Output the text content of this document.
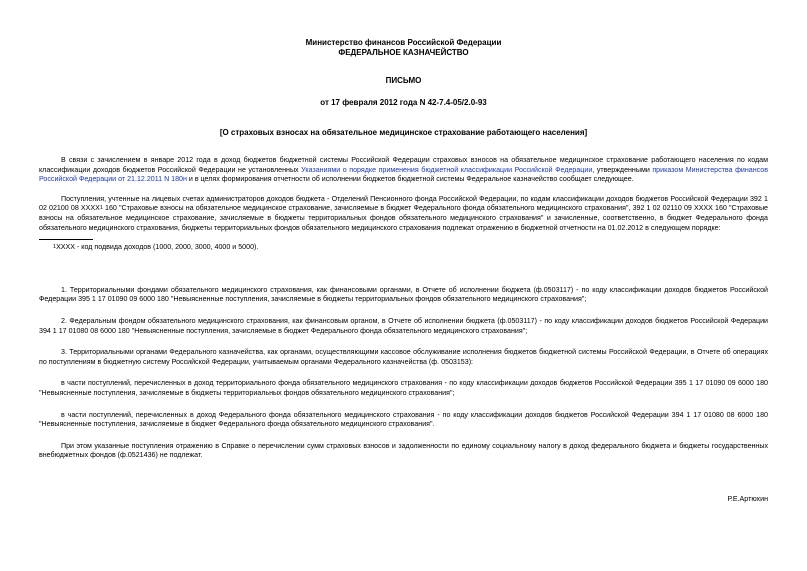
Министерство финансов Российской Федерации

ФЕДЕРАЛЬНОЕ КАЗНАЧЕЙСТВО

ПИСЬМО

от 17 февраля 2012 года N 42-7.4-05/2.0-93

[О страховых взносах на обязательное медицинское страхование работающего населения]

В связи с зачислением в январе 2012 года в доход бюджетов бюджетной системы Российской Федерации страховых взносов на обязательное медицинское страхование работающего населения по кодам классификации доходов бюджетов Российской Федерации не установленных Указаниями о порядке применения бюджетной классификации Российской Федерации, утвержденными приказом Министерства финансов Российской Федерации от 21.12.2011 N 180н и в целях формирования отчетности об исполнении бюджетов бюджетной системы Федеральное казначейство сообщает следующее.

Поступления, учтенные на лицевых счетах администраторов доходов бюджета - Отделений Пенсионного фонда Российской Федерации, по кодам классификации доходов бюджетов Российской Федерации 392 1 02 02100 08 XXXX$^1$ 160 "Страховые взносы на обязательное медицинское страхование, зачисляемые в бюджет Федерального фонда обязательного медицинского страхования", 392 1 02 02110 09 XXXX 160 "Страховые взносы на обязательное медицинское страхование, зачисляемые в бюджеты территориальных фондов обязательного медицинского страхования" и зачисленные, соответственно, в бюджет Федерального фонда обязательного медицинского страхования, бюджеты территориальных фондов обязательного медицинского страхования подлежат отражению в бюджетной отчетности на 01.02.2012 в следующем порядке:

$^1$XXXX - код подвида доходов (1000, 2000, 3000, 4000 и 5000).

1. Территориальными фондами обязательного медицинского страхования, как финансовыми органами, в Отчете об исполнении бюджета (ф.0503117) - по коду классификации доходов бюджетов Российской Федерации 395 1 17 01090 09 6000 180 "Невыясненные поступления, зачисляемые в бюджеты территориальных фондов обязательного медицинского страхования";

2. Федеральным фондом обязательного медицинского страхования, как финансовым органом, в Отчете об исполнении бюджета (ф.0503117) - по коду классификации доходов бюджетов Российской Федерации 394 1 17 01080 08 6000 180 "Невыясненные поступления, зачисляемые в бюджет Федерального фонда обязательного медицинского страхования";

3. Территориальными органами Федерального казначейства, как органами, осуществляющими кассовое обслуживание исполнения бюджетов бюджетной системы Российской Федерации, в Отчете об операциях по поступлениям в бюджетную систему Российской Федерации, учитываемым органами Федерального казначейства (ф. 0503153):

в части поступлений, перечисленных в доход территориального фонда обязательного медицинского страхования - по коду классификации доходов бюджетов Российской Федерации 395 1 17 01090 09 6000 180 "Невыясненные поступления, зачисляемые в бюджеты территориальных фондов обязательного медицинского страхования";

в части поступлений, перечисленных в доход Федерального фонда обязательного медицинского страхования - по коду классификации доходов бюджетов Российской Федерации 394 1 17 01080 08 6000 180 "Невыясненные поступления, зачисляемые в бюджет Федерального фонда обязательного медицинского страхования".

При этом указанные поступления отражению в Справке о перечислении сумм страховых взносов и задолженности по единому социальному налогу в доход федерального бюджета и бюджеты государственных внебюджетных фондов (ф.0521436) не подлежат.

Р.Е.Артюхин
